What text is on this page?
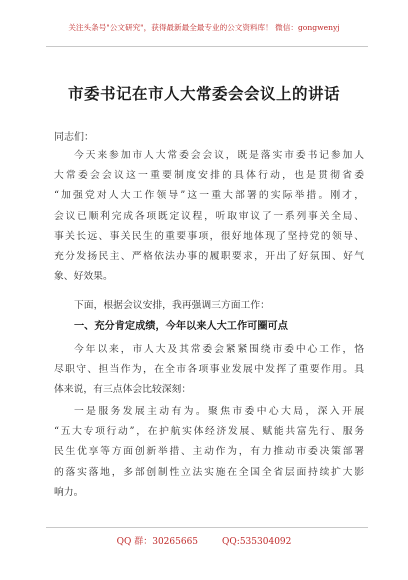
关注头条号"公文研究"，获得最新最全最专业的公文资料库！ 微信：gongwenyj
市委书记在市人大常委会会议上的讲话
同志们：
今天来参加市人大常委会会议，既是落实市委书记参加人
大常委会会议这一重要制度安排的具体行动，也是贯彻省委
“加强党对人大工作领导”这一重大部署的实际举措。刚才，
会议已顺利完成各项既定议程，听取审议了一系列事关全局、
事关长远、事关民生的重要事项，很好地体现了坚持党的领导、
充分发扬民主、严格依法办事的履职要求，开出了好氛围、好气
象、好效果。
下面，根据会议安排，我再强调三方面工作：
一、充分肯定成绩，今年以来人大工作可圈可点
今年以来，市人大及其常委会紧紧围绕市委中心工作，恪
尽职守、担当作为，在全市各项事业发展中发挥了重要作用。具
体来说，有三点体会比较深刻：
一是服务发展主动有为。聚焦市委中心大局，深入开展
“五大专项行动”，在护航实体经济发展、赋能共富先行、服务
民生优享等方面创新举措、主动作为，有力推动市委决策部署
的落实落地，多部创制性立法实施在全国全省层面持续扩大影
响力。
QQ 群：30265665	QQ:535304092
